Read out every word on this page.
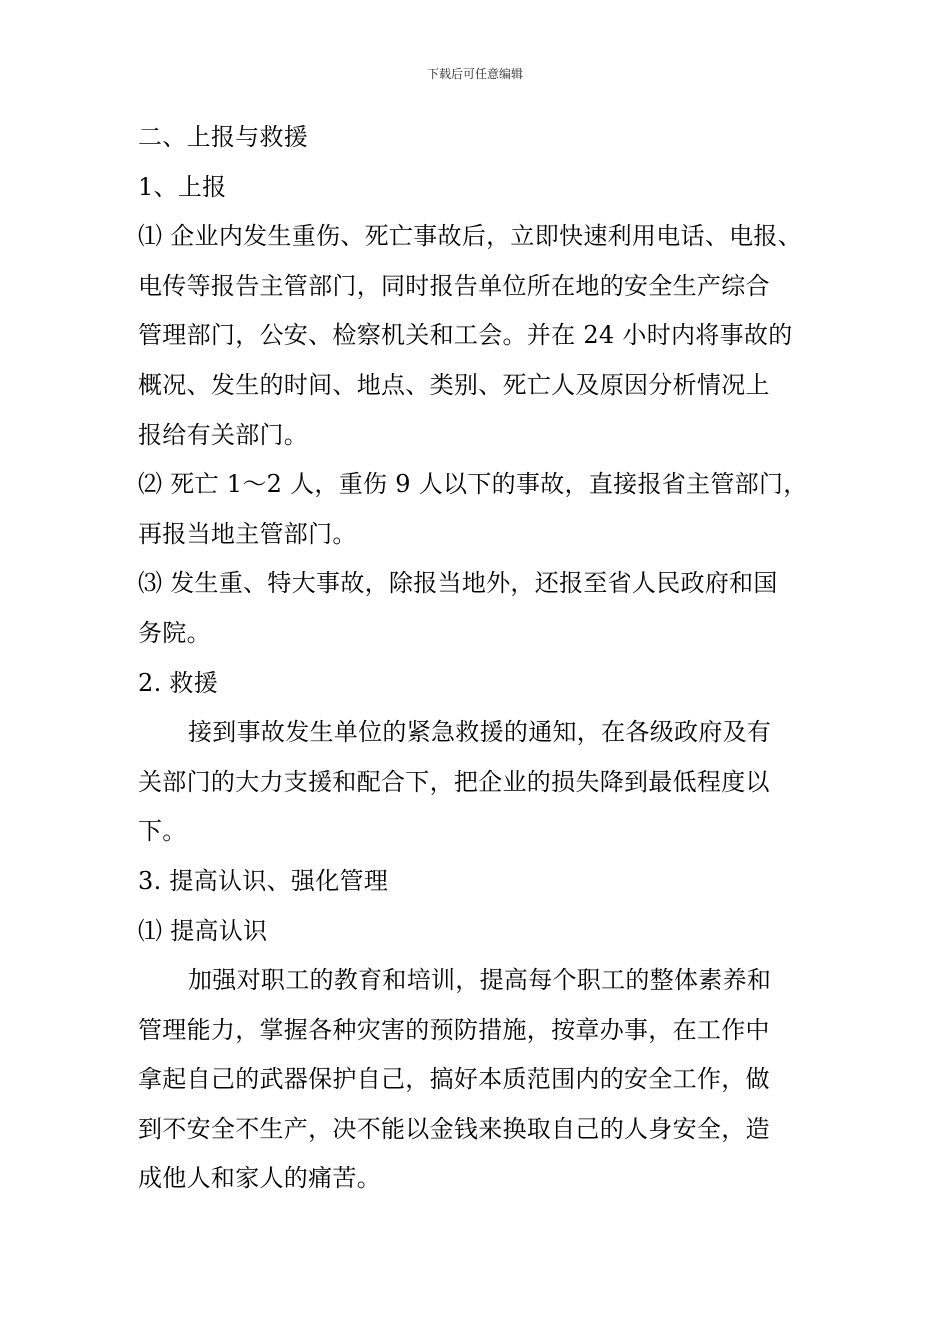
下载后可任意编辑
二、上报与救援
1、上报
⑴ 企业内发生重伤、死亡事故后，立即快速利用电话、电报、
电传等报告主管部门，同时报告单位所在地的安全生产综合
管理部门，公安、检察机关和工会。并在 24 小时内将事故的
概况、发生的时间、地点、类别、死亡人及原因分析情况上
报给有关部门。
⑵ 死亡 1～2 人，重伤 9 人以下的事故，直接报省主管部门，
再报当地主管部门。
⑶ 发生重、特大事故，除报当地外，还报至省人民政府和国
务院。
2. 救援
接到事故发生单位的紧急救援的通知，在各级政府及有
关部门的大力支援和配合下，把企业的损失降到最低程度以
下。
3. 提高认识、强化管理
⑴ 提高认识
加强对职工的教育和培训，提高每个职工的整体素养和
管理能力，掌握各种灾害的预防措施，按章办事，在工作中
拿起自己的武器保护自己，搞好本质范围内的安全工作，做
到不安全不生产，决不能以金钱来换取自己的人身安全，造
成他人和家人的痛苦。
